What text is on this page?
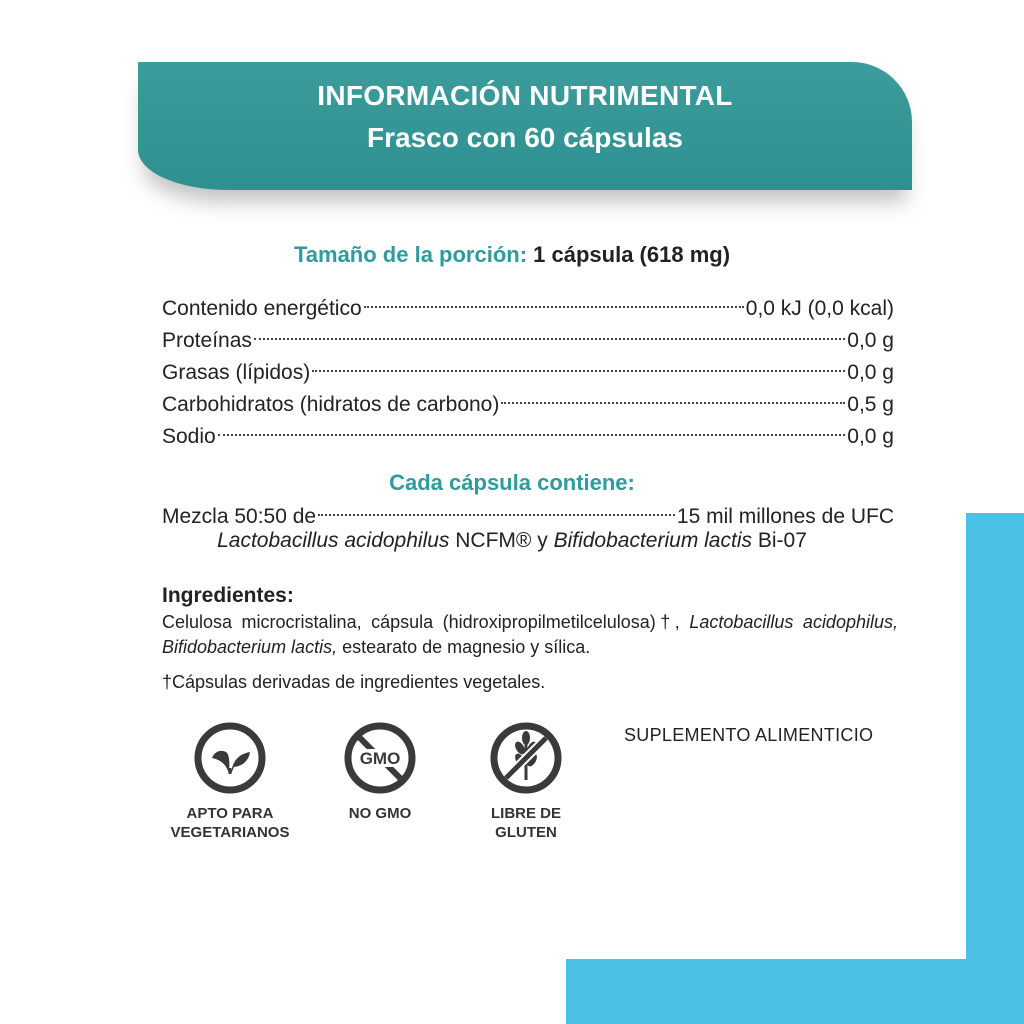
INFORMACIÓN NUTRIMENTAL
Frasco con 60 cápsulas
Tamaño de la porción: 1 cápsula (618 mg)
Contenido energético	0,0 kJ (0,0 kcal)
Proteínas	0,0 g
Grasas (lípidos)	0,0 g
Carbohidratos (hidratos de carbono)	0,5 g
Sodio	0,0 g
Cada cápsula contiene:
Mezcla 50:50 de	15 mil millones de UFC
Lactobacillus acidophilus NCFM® y Bifidobacterium lactis Bi-07
Ingredientes:
Celulosa microcristalina, cápsula (hidroxipropilmetilcelulosa)†, Lactobacillus acidophilus, Bifidobacterium lactis, estearato de magnesio y sílica.
†Cápsulas derivadas de ingredientes vegetales.
SUPLEMENTO ALIMENTICIO
APTO PARA
VEGETARIANOS
GMO
NO GMO	LIBRE DE
GLUTEN
